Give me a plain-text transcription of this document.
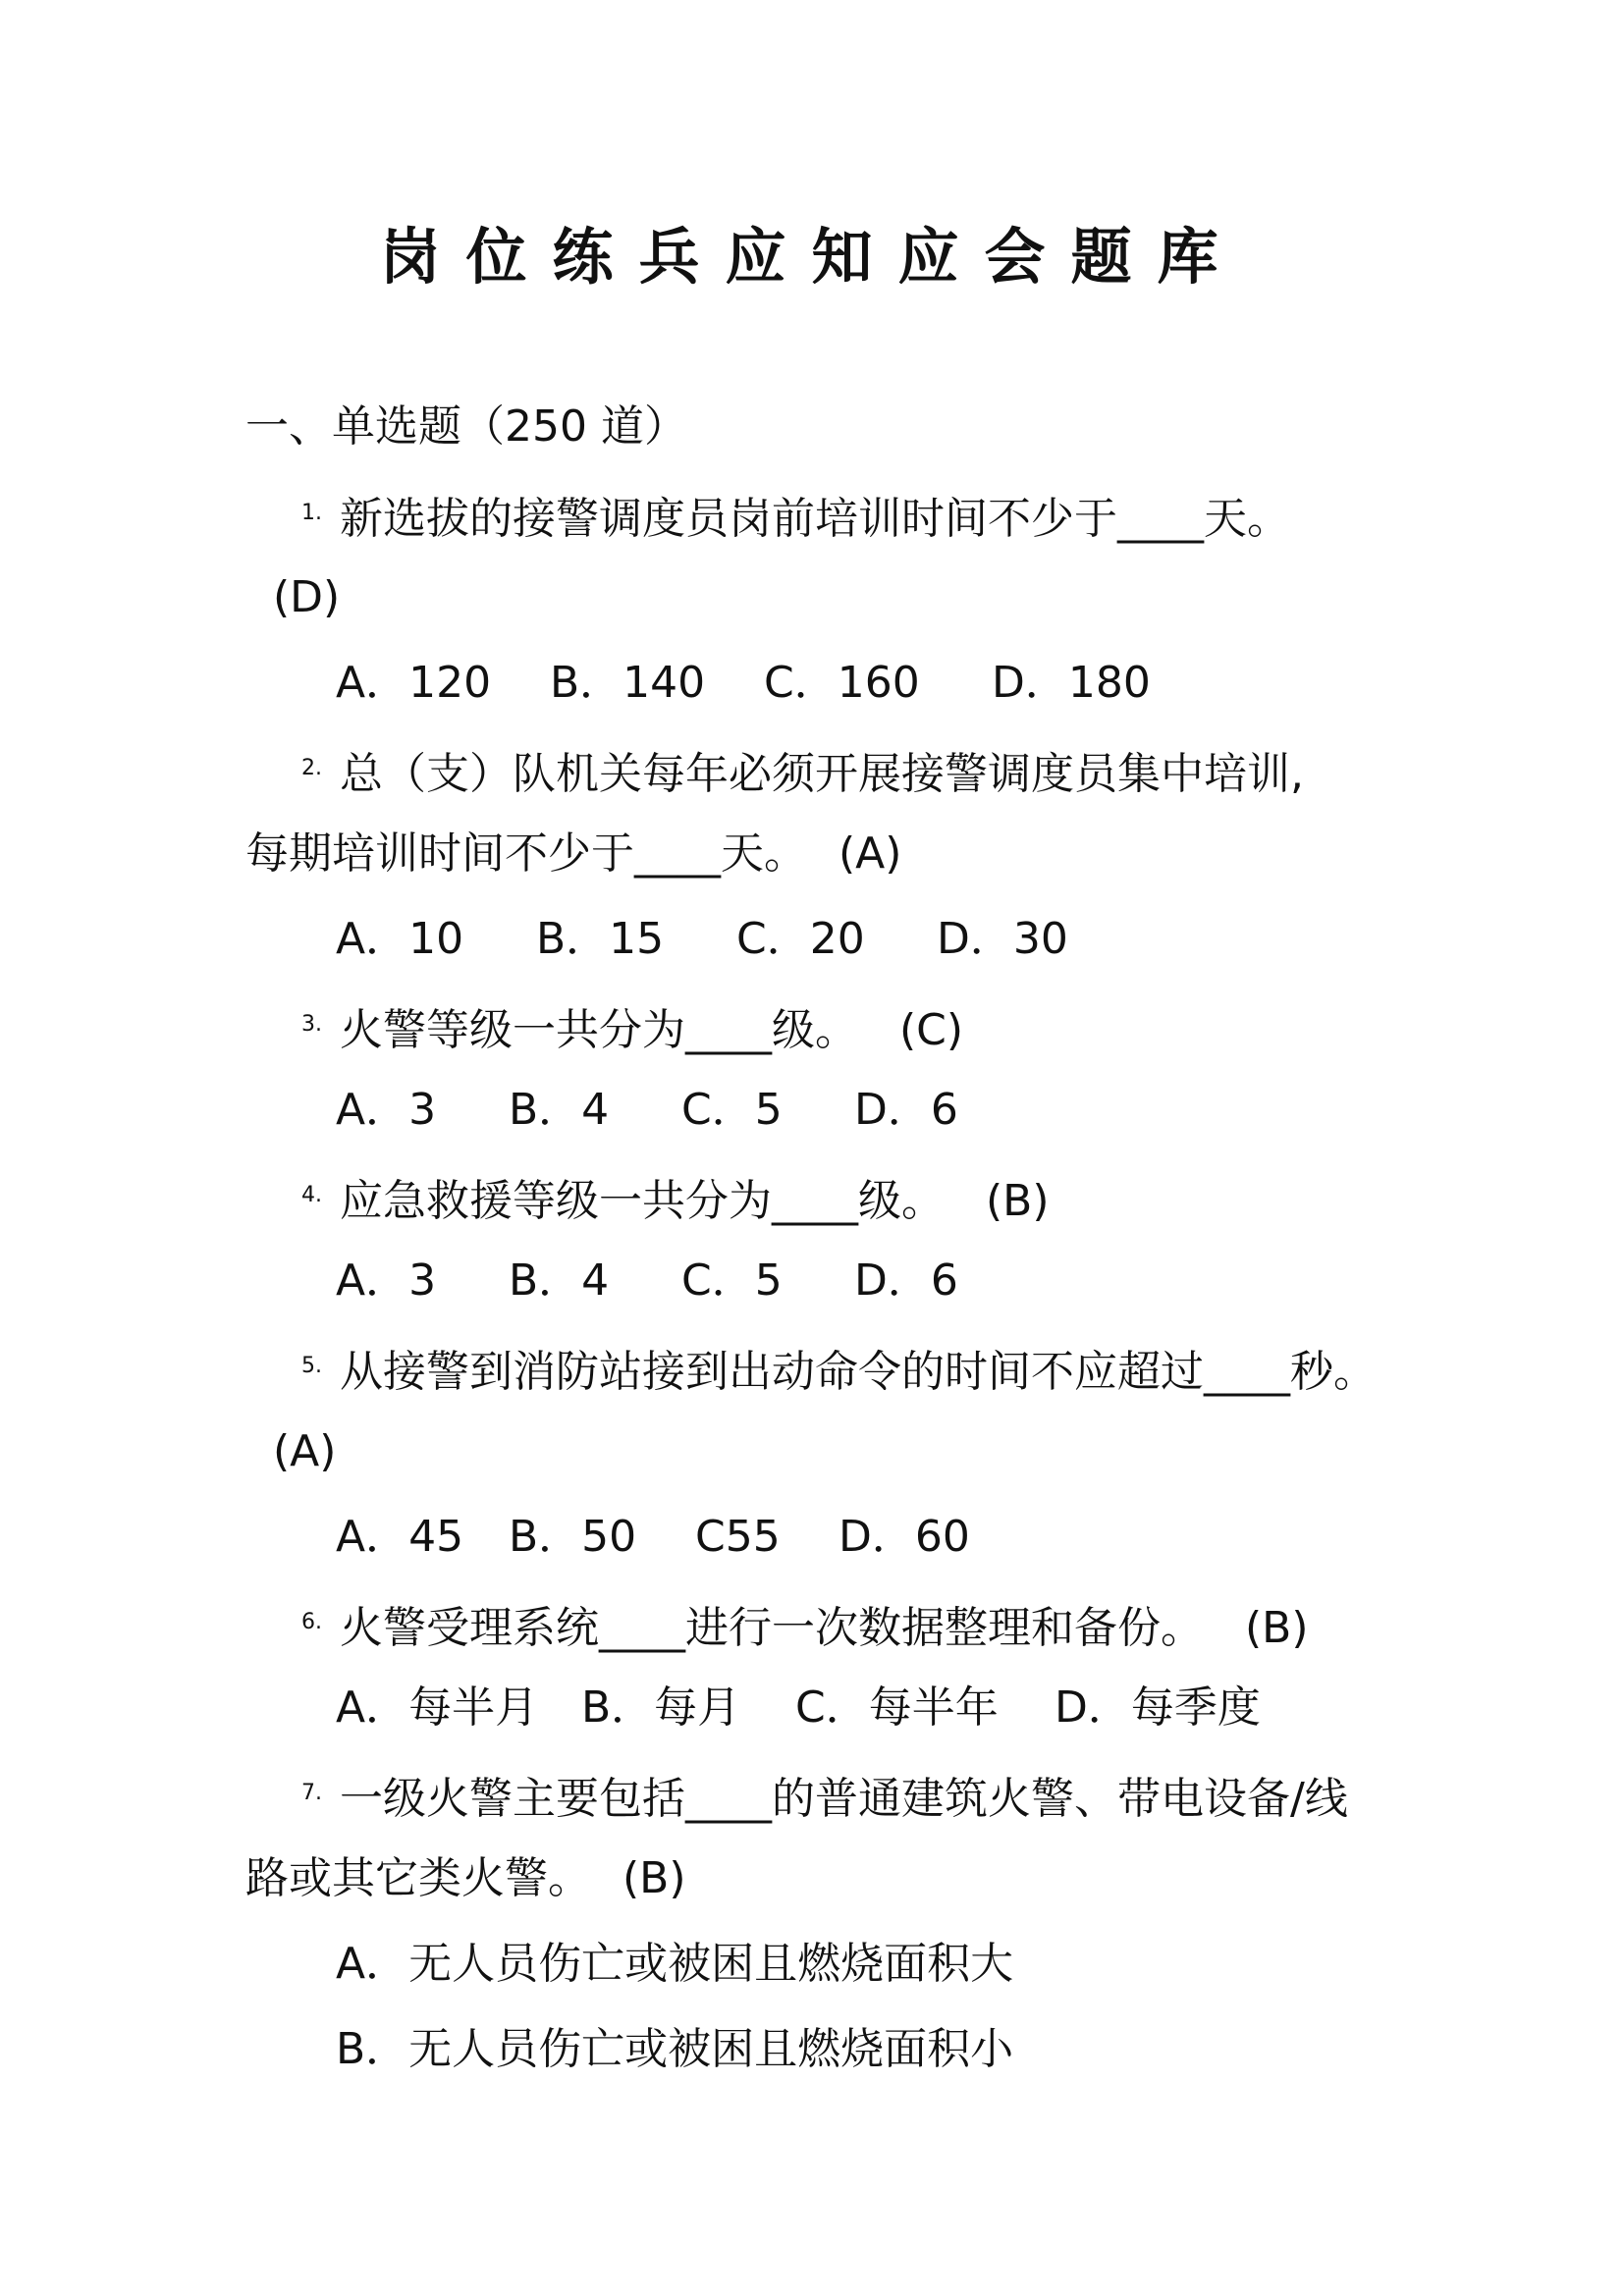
岗位练兵应知应会题库
一、单选题（250 道）
$^{1.}$ 新选拔的接警调度员岗前培训时间不少于____天。
(D)
A．120 B．140 C．160 D．180
$^{2.}$ 总（支）队机关每年必须开展接警调度员集中培训,
每期培训时间不少于____天。 (A)
A．10 B．15 C．20 D．30
$^{3.}$ 火警等级一共分为____级。 (C)
A．3 B．4 C．5 D．6
$^{4.}$ 应急救援等级一共分为____级。 (B)
A．3 B．4 C．5 D．6
$^{5.}$ 从接警到消防站接到出动命令的时间不应超过____秒。
(A)
A．45 B．50 C55 D．60
$^{6.}$ 火警受理系统____进行一次数据整理和备份。 (B)
A．每半月 B．每月 C．每半年 D．每季度
$^{7.}$ 一级火警主要包括____的普通建筑火警、带电设备/线
路或其它类火警。 (B)
A．无人员伤亡或被困且燃烧面积大
B．无人员伤亡或被困且燃烧面积小
